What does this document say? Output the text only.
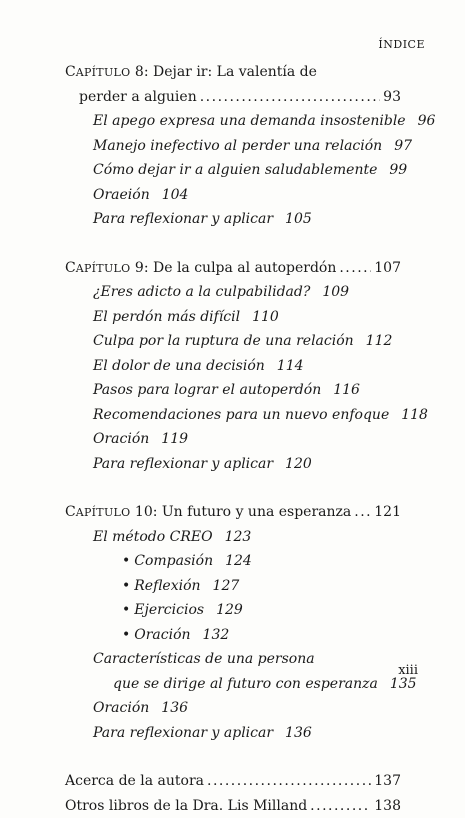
ÍNDICE
CAPÍTULO 8: Dejar ir: La valentía de
perder a alguien .....	93
El apego expresa una demanda insostenible 96
Manejo inefectivo al perder una relación 97
Cómo dejar ir a alguien saludablemente 99
Oraeión 104
Para reflexionar y aplicar 105
CAPÍTULO 9: De la culpa al autoperdón .....	107
¿Eres adicto a la culpabilidad? 109
El perdón más difícil 110
Culpa por la ruptura de una relación 112
El dolor de una decisión 114
Pasos para lograr el autoperdón 116
Recomendaciones para un nuevo enfoque 118
Oración 119
Para reflexionar y aplicar 120
CAPÍTULO 10: Un futuro y una esperanza ..... 121
El método CREO 123
• Compasión 124
• Reflexión 127
• Ejercicios 129
• Oración 132
Características de una persona
que se dirige al futuro con esperanza 135
Oración 136
Para reflexionar y aplicar 136
Acerca de la autora .....	137
Otros libros de la Dra. Lis Milland .....	138
xiii
